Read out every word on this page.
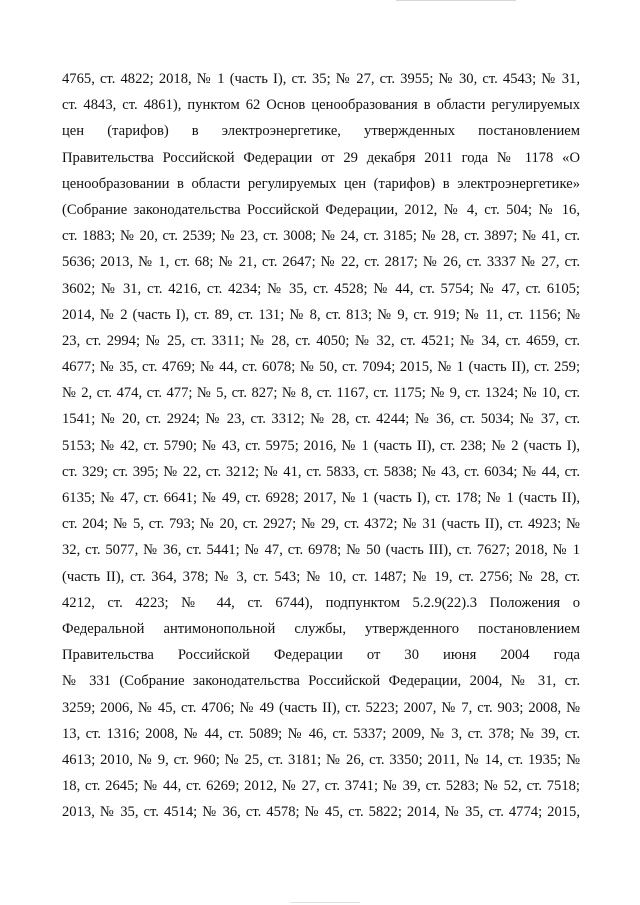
4765, ст. 4822; 2018, № 1 (часть I), ст. 35; № 27, ст. 3955; № 30, ст. 4543; № 31,
ст. 4843, ст. 4861), пунктом 62 Основ ценообразования в области регулируемых
цен (тарифов) в электроэнергетике, утвержденных постановлением
Правительства Российской Федерации от 29 декабря 2011 года № 1178 «О
ценообразовании в области регулируемых цен (тарифов) в электроэнергетике»
(Собрание законодательства Российской Федерации, 2012, № 4, ст. 504; № 16,
ст. 1883; № 20, ст. 2539; № 23, ст. 3008; № 24, ст. 3185; № 28, ст. 3897; № 41, ст.
5636; 2013, № 1, ст. 68; № 21, ст. 2647; № 22, ст. 2817; № 26, ст. 3337 № 27, ст.
3602; № 31, ст. 4216, ст. 4234; № 35, ст. 4528; № 44, ст. 5754; № 47, ст. 6105;
2014, № 2 (часть I), ст. 89, ст. 131; № 8, ст. 813; № 9, ст. 919; № 11, ст. 1156; №
23, ст. 2994; № 25, ст. 3311; № 28, ст. 4050; № 32, ст. 4521; № 34, ст. 4659, ст.
4677; № 35, ст. 4769; № 44, ст. 6078; № 50, ст. 7094; 2015, № 1 (часть II), ст. 259;
№ 2, ст. 474, ст. 477; № 5, ст. 827; № 8, ст. 1167, ст. 1175; № 9, ст. 1324; № 10, ст.
1541; № 20, ст. 2924; № 23, ст. 3312; № 28, ст. 4244; № 36, ст. 5034; № 37, ст.
5153; № 42, ст. 5790; № 43, ст. 5975; 2016, № 1 (часть II), ст. 238; № 2 (часть I),
ст. 329; ст. 395; № 22, ст. 3212; № 41, ст. 5833, ст. 5838; № 43, ст. 6034; № 44, ст.
6135; № 47, ст. 6641; № 49, ст. 6928; 2017, № 1 (часть I), ст. 178; № 1 (часть II),
ст. 204; № 5, ст. 793; № 20, ст. 2927; № 29, ст. 4372; № 31 (часть II), ст. 4923; №
32, ст. 5077, № 36, ст. 5441; № 47, ст. 6978; № 50 (часть III), ст. 7627; 2018, № 1
(часть II), ст. 364, 378; № 3, ст. 543; № 10, ст. 1487; № 19, ст. 2756; № 28, ст.
4212, ст. 4223; № 44, ст. 6744), подпунктом 5.2.9(22).3 Положения о
Федеральной антимонопольной службы, утвержденного постановлением
Правительства Российской Федерации от 30 июня 2004 года
№ 331 (Собрание законодательства Российской Федерации, 2004, № 31, ст.
3259; 2006, № 45, ст. 4706; № 49 (часть II), ст. 5223; 2007, № 7, ст. 903; 2008, №
13, ст. 1316; 2008, № 44, ст. 5089; № 46, ст. 5337; 2009, № 3, ст. 378; № 39, ст.
4613; 2010, № 9, ст. 960; № 25, ст. 3181; № 26, ст. 3350; 2011, № 14, ст. 1935; №
18, ст. 2645; № 44, ст. 6269; 2012, № 27, ст. 3741; № 39, ст. 5283; № 52, ст. 7518;
2013, № 35, ст. 4514; № 36, ст. 4578; № 45, ст. 5822; 2014, № 35, ст. 4774; 2015,
